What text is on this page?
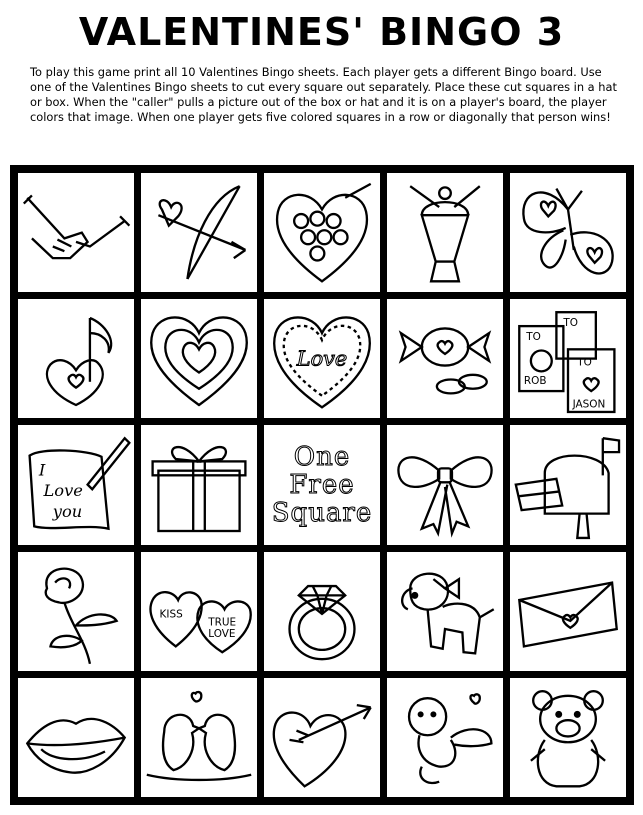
VALENTINES' BINGO 3
To play this game print all 10 Valentines Bingo sheets. Each player gets a different Bingo board. Use one of the Valentines Bingo sheets to cut every square out separately. Place these cut squares in a hat or box. When the "caller" pulls a picture out of the box or hat and it is on a player's board, the player colors that image. When one player gets five colored squares in a row or diagonally that person wins!
Love
TO
TO
ROB
TO
JASON
I
Love
you
One
Free
Square
KISS
TRUE
LOVE
